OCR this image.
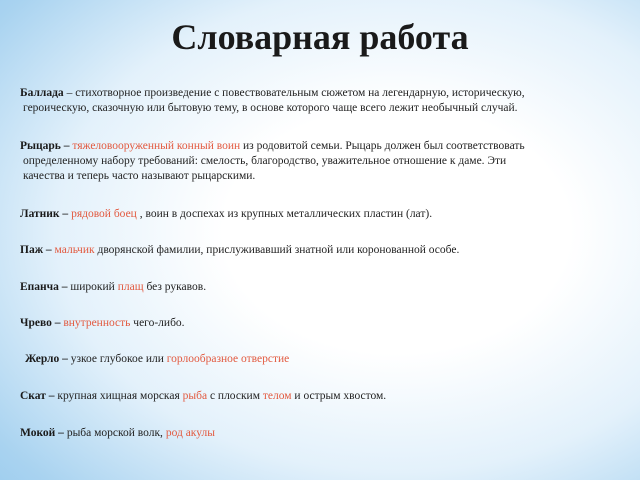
Словарная работа
Баллада – стихотворное произведение с повествовательным сюжетом на легендарную, историческую,
героическую, сказочную или бытовую тему, в основе которого чаще всего лежит необычный случай.
Рыцарь – тяжеловооруженный конный воин из родовитой семьи. Рыцарь должен был соответствовать
определенному набору требований: смелость, благородство, уважительное отношение к даме. Эти
качества и теперь часто называют рыцарскими.
Латник – рядовой боец , воин в доспехах из крупных металлических пластин (лат).
Паж – мальчик дворянской фамилии, прислуживавший знатной или коронованной особе.
Епанча – широкий плащ без рукавов.
Чрево – внутренность чего-либо.
Жерло – узкое глубокое или горлообразное отверстие
Скат – крупная хищная морская рыба с плоским телом и острым хвостом.
Мокой – рыба морской волк, род акулы
